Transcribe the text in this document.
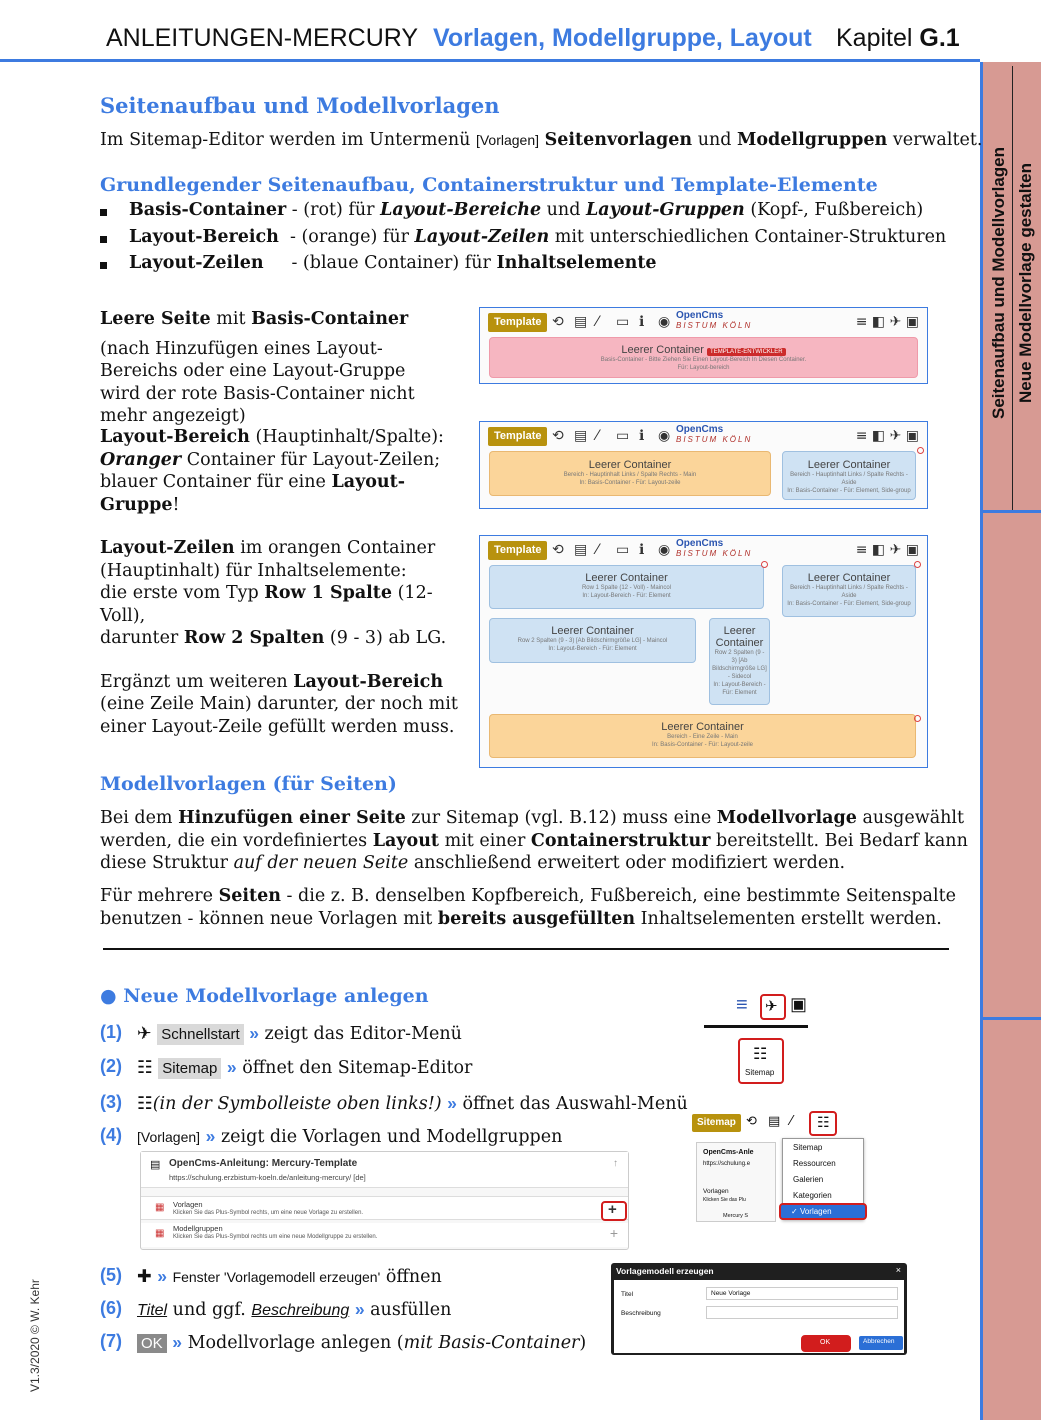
ANLEITUNGEN-MERCURY Vorlagen, Modellgruppe, Layout Kapitel G.1
Seitenaufbau und Modellvorlagen Neue Modellvorlage gestalten
V1.3/2020 © W. Kehr
Seitenaufbau und Modellvorlagen
Im Sitemap-Editor werden im Untermenü [Vorlagen] Seitenvorlagen und Modellgruppen verwaltet.
Grundlegender Seitenaufbau, Containerstruktur und Template-Elemente
Basis-Container - (rot) für Layout-Bereiche und Layout-Gruppen (Kopf-, Fußbereich)
Layout-Bereich  - (orange) für Layout-Zeilen mit unterschiedlichen Container-Strukturen
Layout-Zeilen     - (blaue Container) für Inhaltselemente
Leere Seite mit Basis-Container
(nach Hinzufügen eines Layout-Bereichs oder eine Layout-Gruppe wird der rote Basis-Container nicht mehr angezeigt)
Layout-Bereich (Hauptinhalt/Spalte):
Oranger Container für Layout-Zeilen;
blauer Container für eine Layout-Gruppe!
Layout-Zeilen im orangen Container
(Hauptinhalt) für Inhaltselemente:
die erste vom Typ Row 1 Spalte (12- Voll),
darunter Row 2 Spalten (9 - 3) ab LG.
Ergänzt um weiteren Layout-Bereich
(eine Zeile Main) darunter, der noch mit
einer Layout-Zeile gefüllt werden muss.
Template ⟲ ▤ ⁄ ▭ ℹ ◉ OpenCms
BISTUM KÖLN	≡ ◧ ✈ ▣
Leerer Container TEMPLATE-ENTWICKLER
Basis-Container - Bitte Ziehen Sie Einen Layout-Bereich In Diesen Container.
Für: Layout-bereich
Template ⟲ ▤ ⁄ ▭ ℹ ◉ OpenCms
BISTUM KÖLN	≡ ◧ ✈ ▣
Leerer Container
Bereich - Hauptinhalt Links / Spalte Rechts - Main
In: Basis-Container - Für: Layout-zeile
Leerer Container
Bereich - Hauptinhalt Links / Spalte Rechts - Aside
In: Basis-Container - Für: Element, Side-group
Template ⟲ ▤ ⁄ ▭ ℹ ◉ OpenCms
BISTUM KÖLN	≡ ◧ ✈ ▣
Leerer Container
Row 1 Spalte (12 - Voll) - Maincol
In: Layout-Bereich - Für: Element
Leerer Container
Bereich - Hauptinhalt Links / Spalte Rechts - Aside
In: Basis-Container - Für: Element, Side-group
Leerer Container
Row 2 Spalten (9 - 3) [Ab Bildschirmgröße LG] - Maincol
In: Layout-Bereich - Für: Element
Leerer Container
Row 2 Spalten (9 - 3) [Ab Bildschirmgröße LG] - Sidecol
In: Layout-Bereich - Für: Element
Leerer Container
Bereich - Eine Zeile - Main
In: Basis-Container - Für: Layout-zeile
Modellvorlagen (für Seiten)
Bei dem Hinzufügen einer Seite zur Sitemap (vgl. B.12) muss eine Modellvorlage ausgewählt
werden, die ein vordefiniertes Layout mit einer Containerstruktur bereitstellt. Bei Bedarf kann
diese Struktur auf der neuen Seite anschließend erweitert oder modifiziert werden.
Für mehrere Seiten - die z. B. denselben Kopfbereich, Fußbereich, eine bestimmte Seitenspalte
benutzen - können neue Vorlagen mit bereits ausgefüllten Inhaltselementen erstellt werden.
● Neue Modellvorlage anlegen
(1) ✈ Schnellstart » zeigt das Editor-Menü
(2) ☷ Sitemap » öffnet den Sitemap-Editor
(3) ☷(in der Symbolleiste oben links!) » öffnet das Auswahl-Menü
(4) [Vorlagen] » zeigt die Vorlagen und Modellgruppen
▤ OpenCms-Anleitung: Mercury-Template
https://schulung.erzbistum-koeln.de/anleitung-mercury/ [de]
↑
▦ Vorlagen
Klicken Sie das Plus-Symbol rechts, um eine neue Vorlage zu erstellen.
▦ Modellgruppen
Klicken Sie das Plus-Symbol rechts um eine neue Modellgruppe zu erstellen.	+
+
≡ ✈ ▣
☷
Sitemap
Sitemap ⟲ ▤ ⁄ ☷
OpenCms-Anle
https://schulung.e
Vorlagen
Klicken Sie das Plu
Mercury S
Sitemap
Ressourcen
Galerien
Kategorien
✓ Vorlagen
(5) ✚ » Fenster 'Vorlagemodell erzeugen' öffnen
(6) Titel und ggf. Beschreibung » ausfüllen
(7) OK » Modellvorlage anlegen (mit Basis-Container)
Vorlagemodell erzeugen	×
Titel	Neue Vorlage
Beschreibung
OK	Abbrechen
